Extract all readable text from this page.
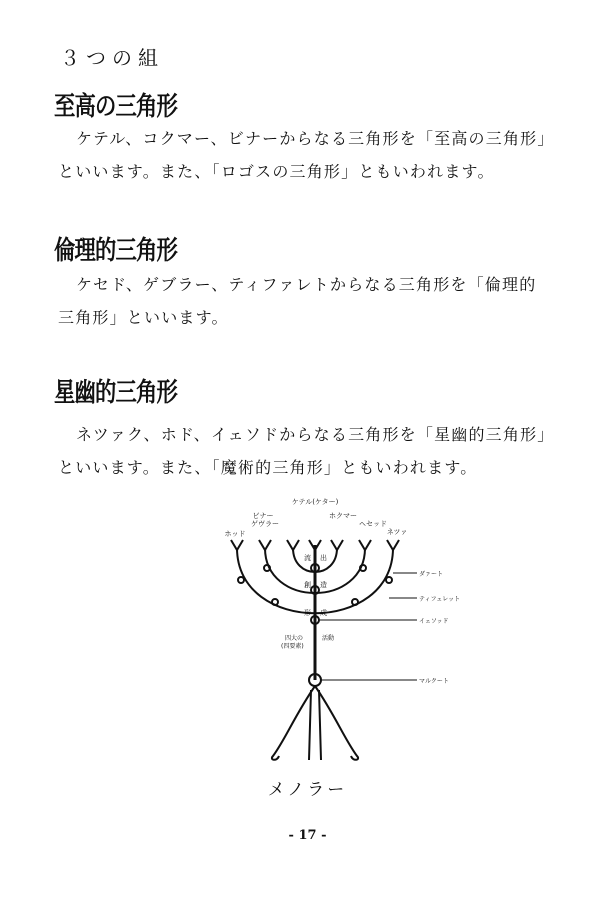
３つの組
至高の三角形
ケテル、コクマー、ビナーからなる三角形を「至高の三角形」
といいます。また、「ロゴスの三角形」ともいわれます。
倫理的三角形
ケセド、ゲブラー、ティファレトからなる三角形を「倫理的
三角形」といいます。
星幽的三角形
ネツァク、ホド、イェソドからなる三角形を「星幽的三角形」
といいます。また、「魔術的三角形」ともいわれます。
ケテル(ケター)
ビナー	ホクマー
ゲヴラー	ヘセッド
ホッド	ネツァ
ダァート
ティフェレット
イェソッド
マルクート
流 出
創 造
形 成
四大の
(四要素)
活動
メノラー
- 17 -
